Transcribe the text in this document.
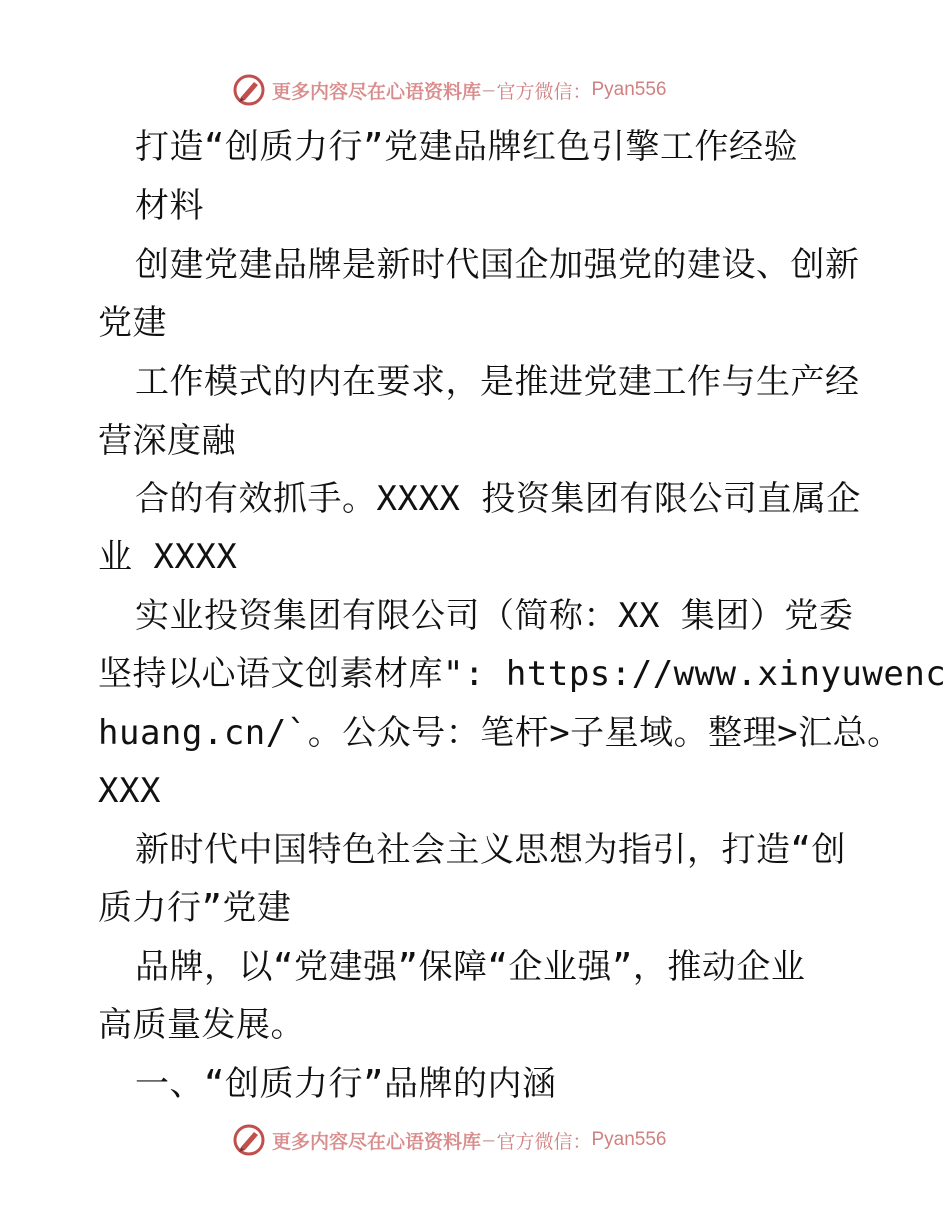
更多内容尽在心语资料库 — 官方微信： Pyan556
打造“创质力行”党建品牌红色引擎工作经验
材料
创建党建品牌是新时代国企加强党的建设、创新
党建
工作模式的内在要求，是推进党建工作与生产经
营深度融
合的有效抓手。XXXX 投资集团有限公司直属企
业 XXXX
实业投资集团有限公司（简称：XX 集团）党委
坚持以心语文创素材库": https://www.xinyuwenc
huang.cn/`。公众号：笔杆>子星域。整理>汇总。
XXX
新时代中国特色社会主义思想为指引，打造“创
质力行”党建
品牌，以“党建强”保障“企业强”，推动企业
高质量发展。
一、“创质力行”品牌的内涵
更多内容尽在心语资料库 — 官方微信： Pyan556
